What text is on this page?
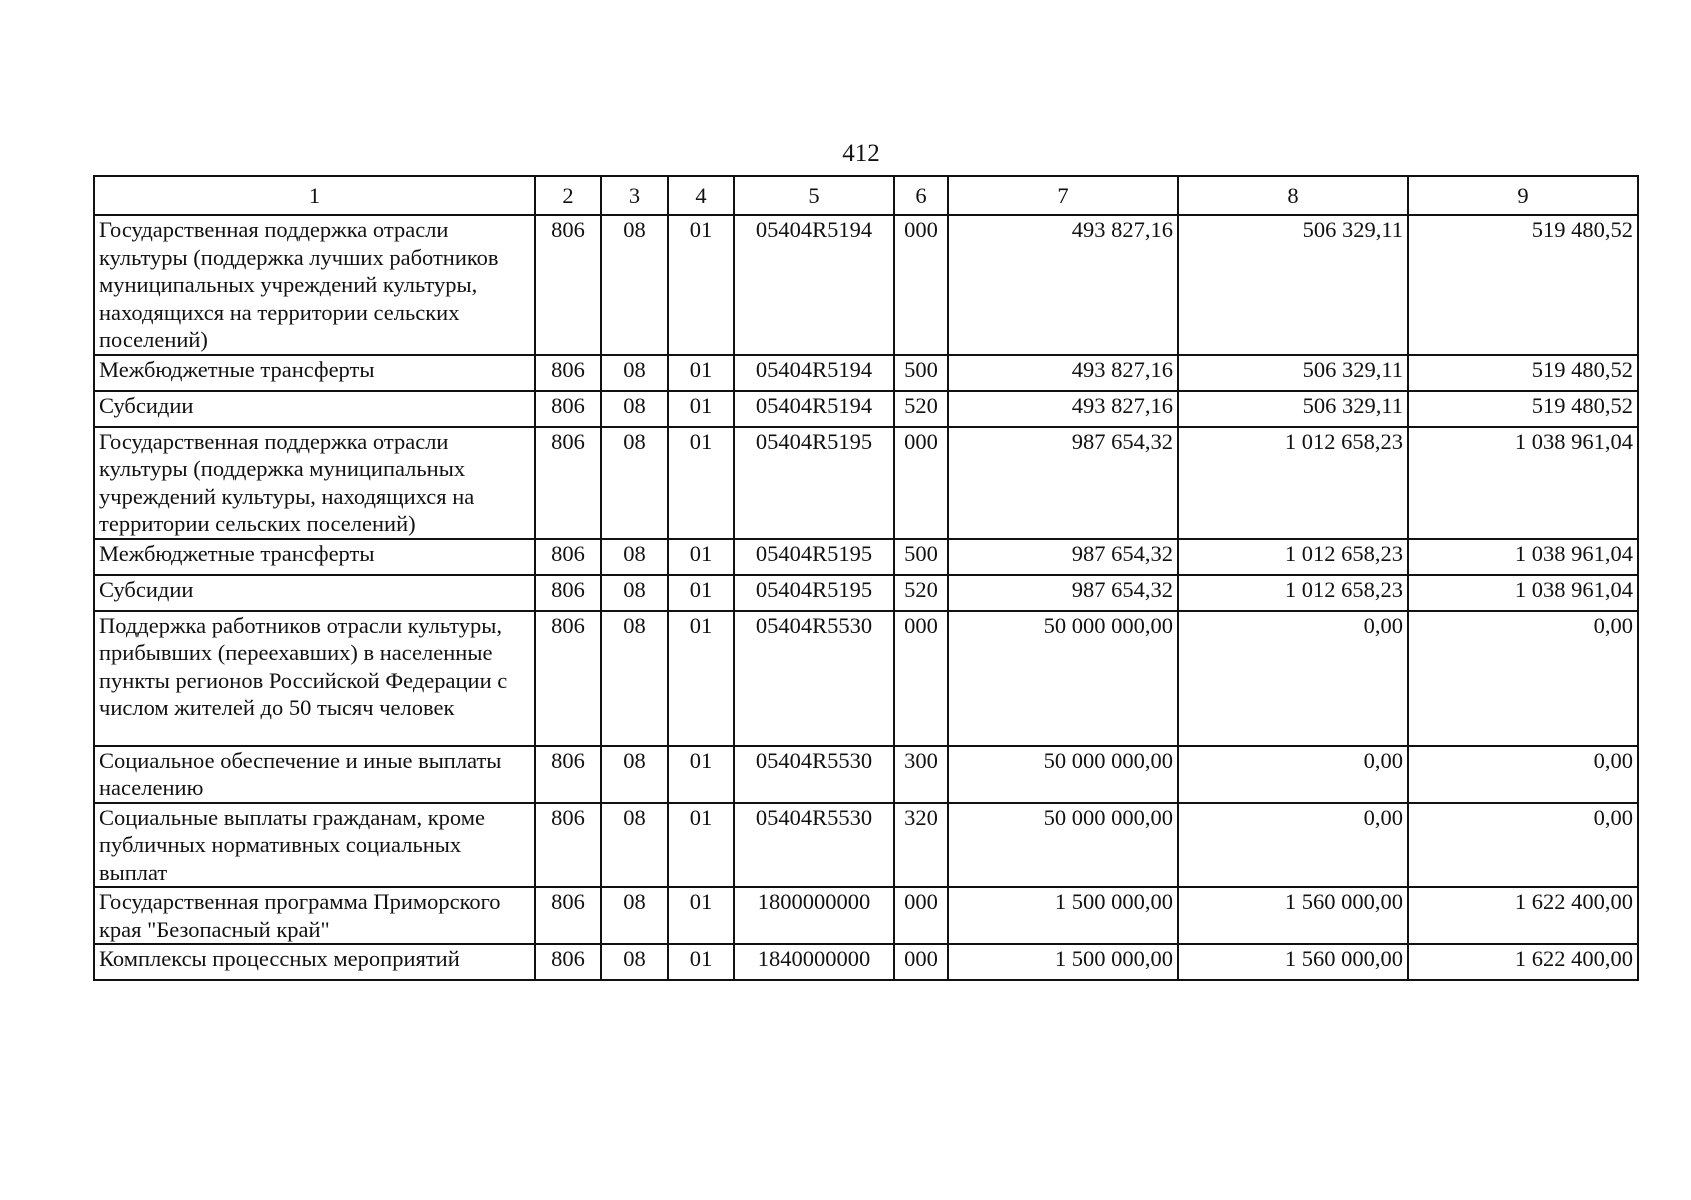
412
1	2	3	4	5	6	7	8	9
Государственная поддержка отрасли культуры (поддержка лучших работников муниципальных учреждений культуры, находящихся на территории сельских поселений)	806	08	01	05404R5194	000	493 827,16	506 329,11	519 480,52
Межбюджетные трансферты	806	08	01	05404R5194	500	493 827,16	506 329,11	519 480,52
Субсидии	806	08	01	05404R5194	520	493 827,16	506 329,11	519 480,52
Государственная поддержка отрасли культуры (поддержка муниципальных учреждений культуры, находящихся на территории сельских поселений)	806	08	01	05404R5195	000	987 654,32	1 012 658,23	1 038 961,04
Межбюджетные трансферты	806	08	01	05404R5195	500	987 654,32	1 012 658,23	1 038 961,04
Субсидии	806	08	01	05404R5195	520	987 654,32	1 012 658,23	1 038 961,04
Поддержка работников отрасли культуры, прибывших (переехавших) в населенные пункты регионов Российской Федерации с числом жителей до 50 тысяч человек	806	08	01	05404R5530	000	50 000 000,00	0,00	0,00
Социальное обеспечение и иные выплаты населению	806	08	01	05404R5530	300	50 000 000,00	0,00	0,00
Социальные выплаты гражданам, кроме публичных нормативных социальных выплат	806	08	01	05404R5530	320	50 000 000,00	0,00	0,00
Государственная программа Приморского края "Безопасный край"	806	08	01	1800000000	000	1 500 000,00	1 560 000,00	1 622 400,00
Комплексы процессных мероприятий	806	08	01	1840000000	000	1 500 000,00	1 560 000,00	1 622 400,00
